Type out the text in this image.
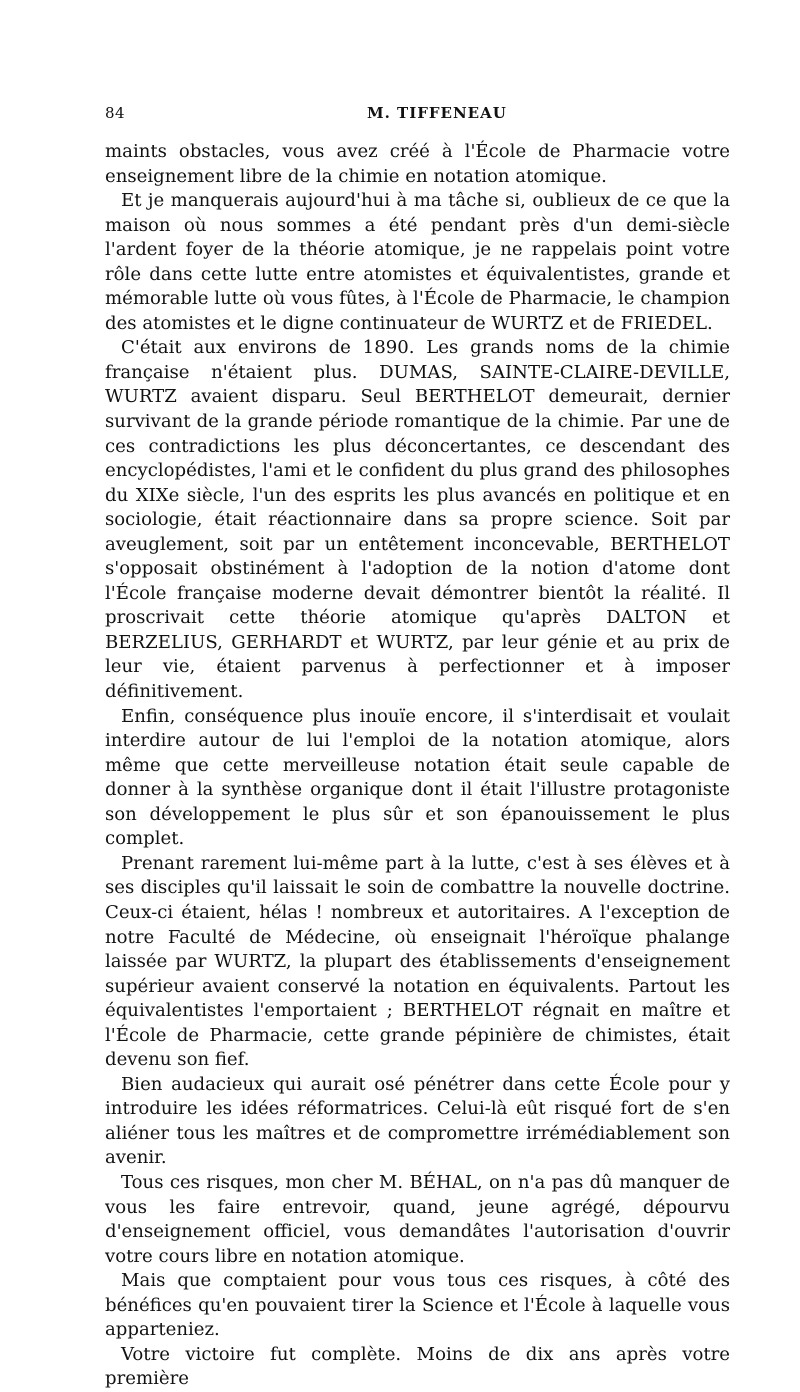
84	M. TIFFENEAU

maints obstacles, vous avez créé à l'École de Pharmacie votre enseignement libre de la chimie en notation atomique.

Et je manquerais aujourd'hui à ma tâche si, oublieux de ce que la maison où nous sommes a été pendant près d'un demi-siècle l'ardent foyer de la théorie atomique, je ne rappelais point votre rôle dans cette lutte entre atomistes et équivalentistes, grande et mémorable lutte où vous fûtes, à l'École de Pharmacie, le champion des atomistes et le digne continuateur de WURTZ et de FRIEDEL.

C'était aux environs de 1890. Les grands noms de la chimie française n'étaient plus. DUMAS, SAINTE-CLAIRE-DEVILLE, WURTZ avaient disparu. Seul BERTHELOT demeurait, dernier survivant de la grande période romantique de la chimie. Par une de ces contradictions les plus déconcertantes, ce descendant des encyclopédistes, l'ami et le confident du plus grand des philosophes du XIXe siècle, l'un des esprits les plus avancés en politique et en sociologie, était réactionnaire dans sa propre science. Soit par aveuglement, soit par un entêtement inconcevable, BERTHELOT s'opposait obstinément à l'adoption de la notion d'atome dont l'École française moderne devait démontrer bientôt la réalité. Il proscrivait cette théorie atomique qu'après DALTON et BERZELIUS, GERHARDT et WURTZ, par leur génie et au prix de leur vie, étaient parvenus à perfectionner et à imposer définitivement.

Enfin, conséquence plus inouïe encore, il s'interdisait et voulait interdire autour de lui l'emploi de la notation atomique, alors même que cette merveilleuse notation était seule capable de donner à la synthèse organique dont il était l'illustre protagoniste son développement le plus sûr et son épanouissement le plus complet.

Prenant rarement lui-même part à la lutte, c'est à ses élèves et à ses disciples qu'il laissait le soin de combattre la nouvelle doctrine. Ceux-ci étaient, hélas ! nombreux et autoritaires. A l'exception de notre Faculté de Médecine, où enseignait l'héroïque phalange laissée par WURTZ, la plupart des établissements d'enseignement supérieur avaient conservé la notation en équivalents. Partout les équivalentistes l'emportaient ; BERTHELOT régnait en maître et l'École de Pharmacie, cette grande pépinière de chimistes, était devenu son fief.

Bien audacieux qui aurait osé pénétrer dans cette École pour y introduire les idées réformatrices. Celui-là eût risqué fort de s'en aliéner tous les maîtres et de compromettre irrémédiablement son avenir.

Tous ces risques, mon cher M. BÉHAL, on n'a pas dû manquer de vous les faire entrevoir, quand, jeune agrégé, dépourvu d'enseignement officiel, vous demandâtes l'autorisation d'ouvrir votre cours libre en notation atomique.

Mais que comptaient pour vous tous ces risques, à côté des bénéfices qu'en pouvaient tirer la Science et l'École à laquelle vous apparteniez.

Votre victoire fut complète. Moins de dix ans après votre première
